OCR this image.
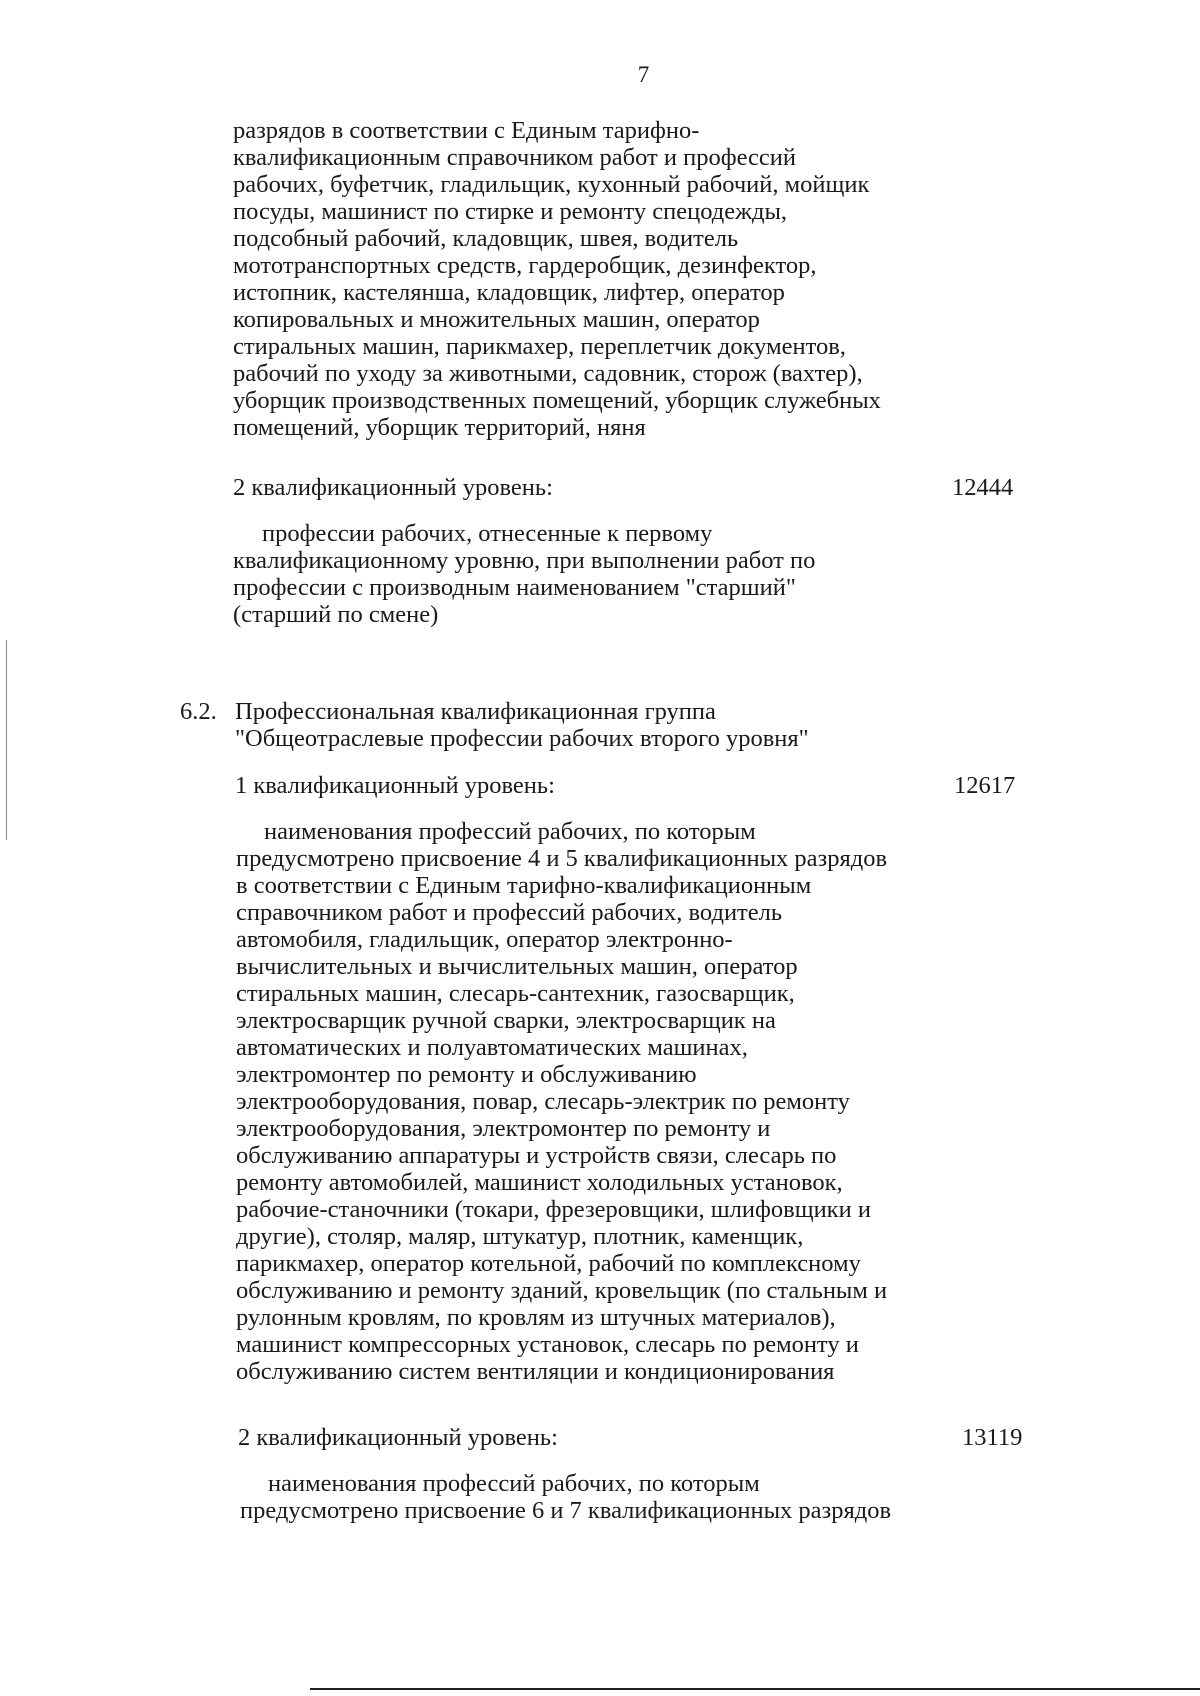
7
разрядов в соответствии с Единым тарифно-
квалификационным справочником работ и профессий
рабочих, буфетчик, гладильщик, кухонный рабочий, мойщик
посуды, машинист по стирке и ремонту спецодежды,
подсобный рабочий, кладовщик, швея, водитель
мототранспортных средств, гардеробщик, дезинфектор,
истопник, кастелянша, кладовщик, лифтер, оператор
копировальных и множительных машин, оператор
стиральных машин, парикмахер, переплетчик документов,
рабочий по уходу за животными, садовник, сторож (вахтер),
уборщик производственных помещений, уборщик служебных
помещений, уборщик территорий, няня
2 квалификационный уровень:	12444
профессии рабочих, отнесенные к первому
квалификационному уровню, при выполнении работ по
профессии с производным наименованием "старший"
(старший по смене)
6.2. Профессиональная квалификационная группа
"Общеотраслевые профессии рабочих второго уровня"
1 квалификационный уровень:	12617
наименования профессий рабочих, по которым
предусмотрено присвоение 4 и 5 квалификационных разрядов
в соответствии с Единым тарифно-квалификационным
справочником работ и профессий рабочих, водитель
автомобиля, гладильщик, оператор электронно-
вычислительных и вычислительных машин, оператор
стиральных машин, слесарь-сантехник, газосварщик,
электросварщик ручной сварки, электросварщик на
автоматических и полуавтоматических машинах,
электромонтер по ремонту и обслуживанию
электрооборудования, повар, слесарь-электрик по ремонту
электрооборудования, электромонтер по ремонту и
обслуживанию аппаратуры и устройств связи, слесарь по
ремонту автомобилей, машинист холодильных установок,
рабочие-станочники (токари, фрезеровщики, шлифовщики и
другие), столяр, маляр, штукатур, плотник, каменщик,
парикмахер, оператор котельной, рабочий по комплексному
обслуживанию и ремонту зданий, кровельщик (по стальным и
рулонным кровлям, по кровлям из штучных материалов),
машинист компрессорных установок, слесарь по ремонту и
обслуживанию систем вентиляции и кондиционирования
2 квалификационный уровень:	13119
наименования профессий рабочих, по которым
предусмотрено присвоение 6 и 7 квалификационных разрядов
